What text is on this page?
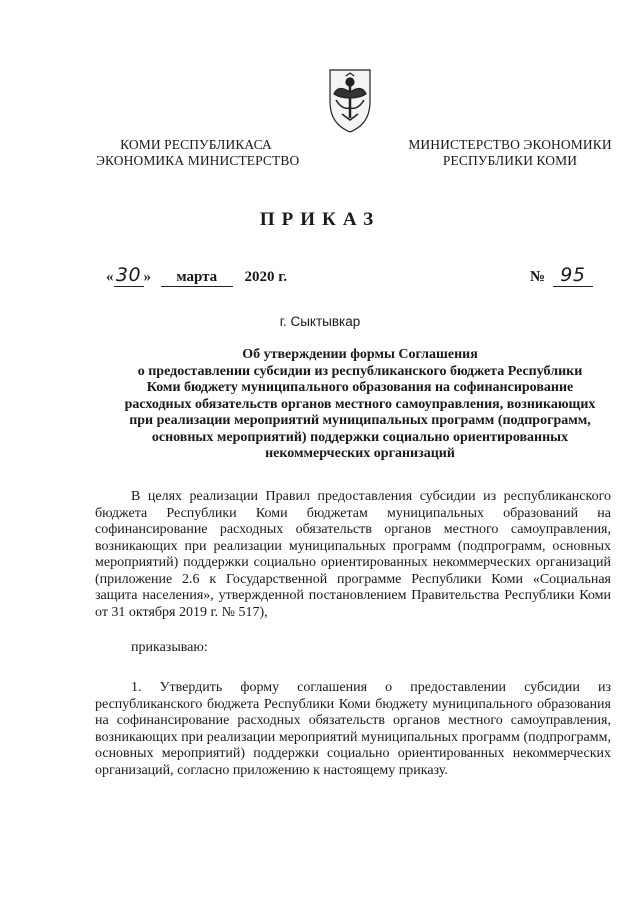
КОМИ РЕСПУБЛИКАСА
ЭКОНОМИКА МИНИСТЕРСТВО
МИНИСТЕРСТВО ЭКОНОМИКИ
РЕСПУБЛИКИ КОМИ
ПРИКАЗ
« 30 » марта 2020 г.	№ 95
г. Сыктывкар
Об утверждении формы Соглашения
о предоставлении субсидии из республиканского бюджета Республики
Коми бюджету муниципального образования на софинансирование
расходных обязательств органов местного самоуправления, возникающих
при реализации мероприятий муниципальных программ (подпрограмм,
основных мероприятий) поддержки социально ориентированных
некоммерческих организаций

В целях реализации Правил предоставления субсидии из республиканского бюджета Республики Коми бюджетам муниципальных образований на софинансирование расходных обязательств органов местного самоуправления, возникающих при реализации муниципальных программ (подпрограмм, основных мероприятий) поддержки социально ориентированных некоммерческих организаций (приложение 2.6 к Государственной программе Республики Коми «Социальная защита населения», утвержденной постановлением Правительства Республики Коми от 31 октября 2019 г. № 517),

приказываю:

1. Утвердить форму соглашения о предоставлении субсидии из республиканского бюджета Республики Коми бюджету муниципального образования на софинансирование расходных обязательств органов местного самоуправления, возникающих при реализации мероприятий муниципальных программ (подпрограмм, основных мероприятий) поддержки социально ориентированных некоммерческих организаций, согласно приложению к настоящему приказу.
